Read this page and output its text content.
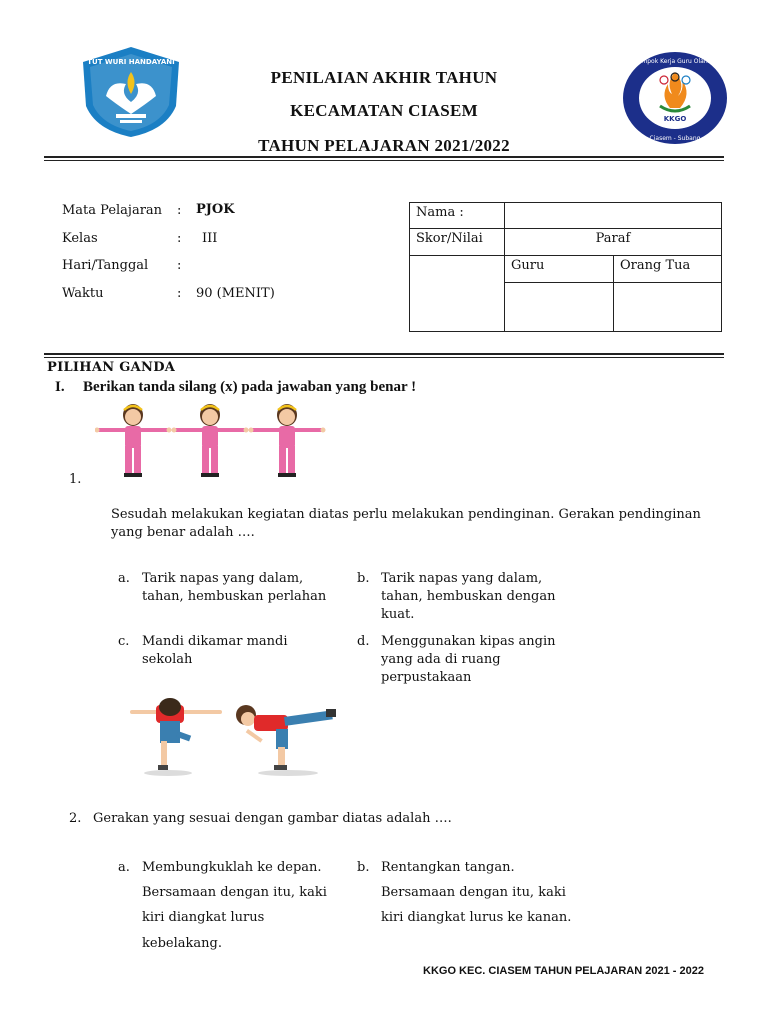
TUT WURI HANDAYANI
KKGO
Ciasem - Subang
Kelompok Kerja Guru Olahraga
PENILAIAN AKHIR TAHUN
KECAMATAN CIASEM
TAHUN PELAJARAN 2021/2022
Mata Pelajaran : PJOK
Kelas	: III
Hari/Tanggal :
Waktu	: 90 (MENIT)
Nama :		
Skor/Nilai	Paraf	
	Guru	Orang Tua

PILIHAN GANDA
I. Berikan tanda silang (x) pada jawaban yang benar !
1.
Sesudah melakukan kegiatan diatas perlu melakukan pendinginan. Gerakan pendinginan yang benar adalah ….
a. Tarik napas yang dalam,
tahan, hembuskan perlahan
b. Tarik napas yang dalam,
tahan, hembuskan dengan
kuat.
c. Mandi dikamar mandi
sekolah
d. Menggunakan kipas angin
yang ada di ruang
perpustakaan
2. Gerakan yang sesuai dengan gambar diatas adalah ….
a. Membungkuklah ke depan.
Bersamaan dengan itu, kaki
kiri diangkat lurus
kebelakang.
b. Rentangkan tangan.
Bersamaan dengan itu, kaki
kiri diangkat lurus ke kanan.
KKGO KEC. CIASEM TAHUN PELAJARAN 2021 - 2022
